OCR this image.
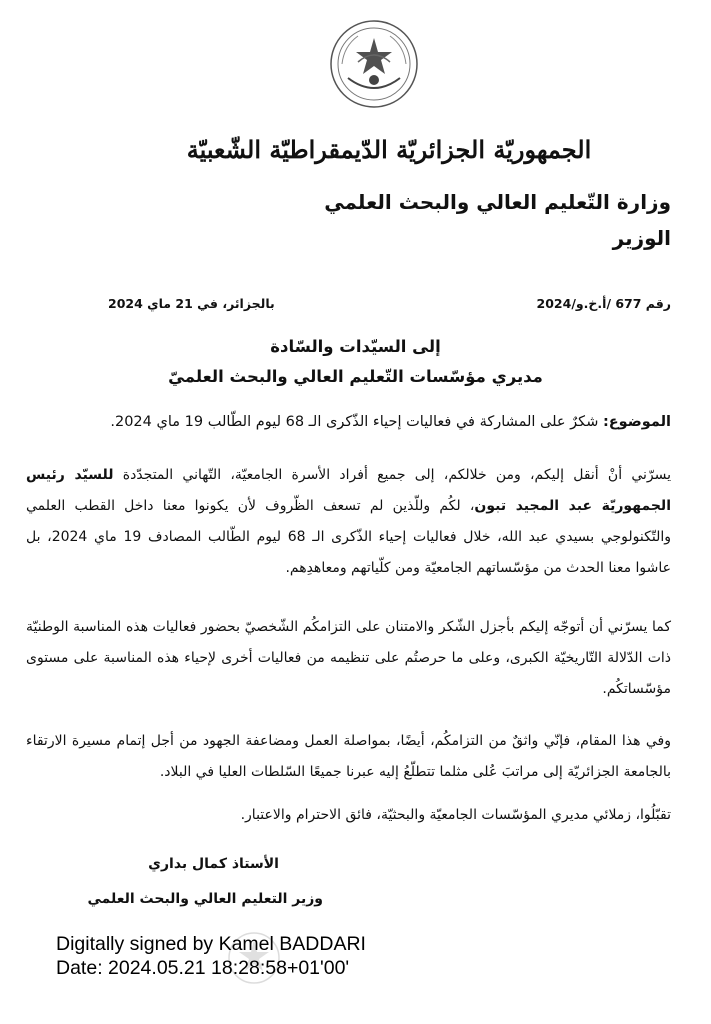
الجمهوريّة الجزائريّة الدّيمقراطيّة الشّعبيّة
وزارة التّعليم العالي والبحث العلمي
الوزير
رقم 677 /أ.خ.و/2024
بالجزائر، في 21 ماي 2024
إلى السيّدات والسّادة
مديري مؤسّسات التّعليم العالي والبحث العلميّ
الموضوع: شكرٌ على المشاركة في فعاليات إحياء الذّكرى الـ 68 ليوم الطّالب 19 ماي 2024.
يسرّني أنْ أنقل إليكم، ومن خلالكم، إلى جميع أفراد الأسرة الجامعيّة، التّهاني المتجدّدة للسيّد رئيس الجمهوريّة عبد المجيد تبون، لكُم وللّذين لم تسعف الظّروف لأن يكونوا معنا داخل القطب العلمي والتّكنولوجي بسيدي عبد الله، خلال فعاليات إحياء الذّكرى الـ 68 ليوم الطّالب المصادف 19 ماي 2024، بل عاشوا معنا الحدث من مؤسّساتهم الجامعيّة ومن كلّياتهم ومعاهدِهم.
كما يسرّني أن أتوجّه إليكم بأجزل الشّكر والامتنان على التزامكُم الشّخصيّ بحضور فعاليات هذه المناسبة الوطنيّة ذات الدّلالة التّاريخيّة الكبرى، وعلى ما حرصتُم على تنظيمه من فعاليات أخرى لإحياء هذه المناسبة على مستوى مؤسّساتكُم.
وفي هذا المقام، فإنّي واثقٌ من التزامكُم، أيضًا، بمواصلة العمل ومضاعفة الجهود من أجل إتمام مسيرة الارتقاء بالجامعة الجزائريّة إلى مراتبَ عُلى مثلما تتطلّعُ إليه عبرنا جميعًا السّلطات العليا في البلاد.
تقبّلُوا، زملائي مديري المؤسّسات الجامعيّة والبحثيّة، فائق الاحترام والاعتبار.
الأستاذ كمال بداري
وزير التعليم العالي والبحث العلمي
Digitally signed by Kamel BADDARI
Date: 2024.05.21 18:28:58+01'00'
